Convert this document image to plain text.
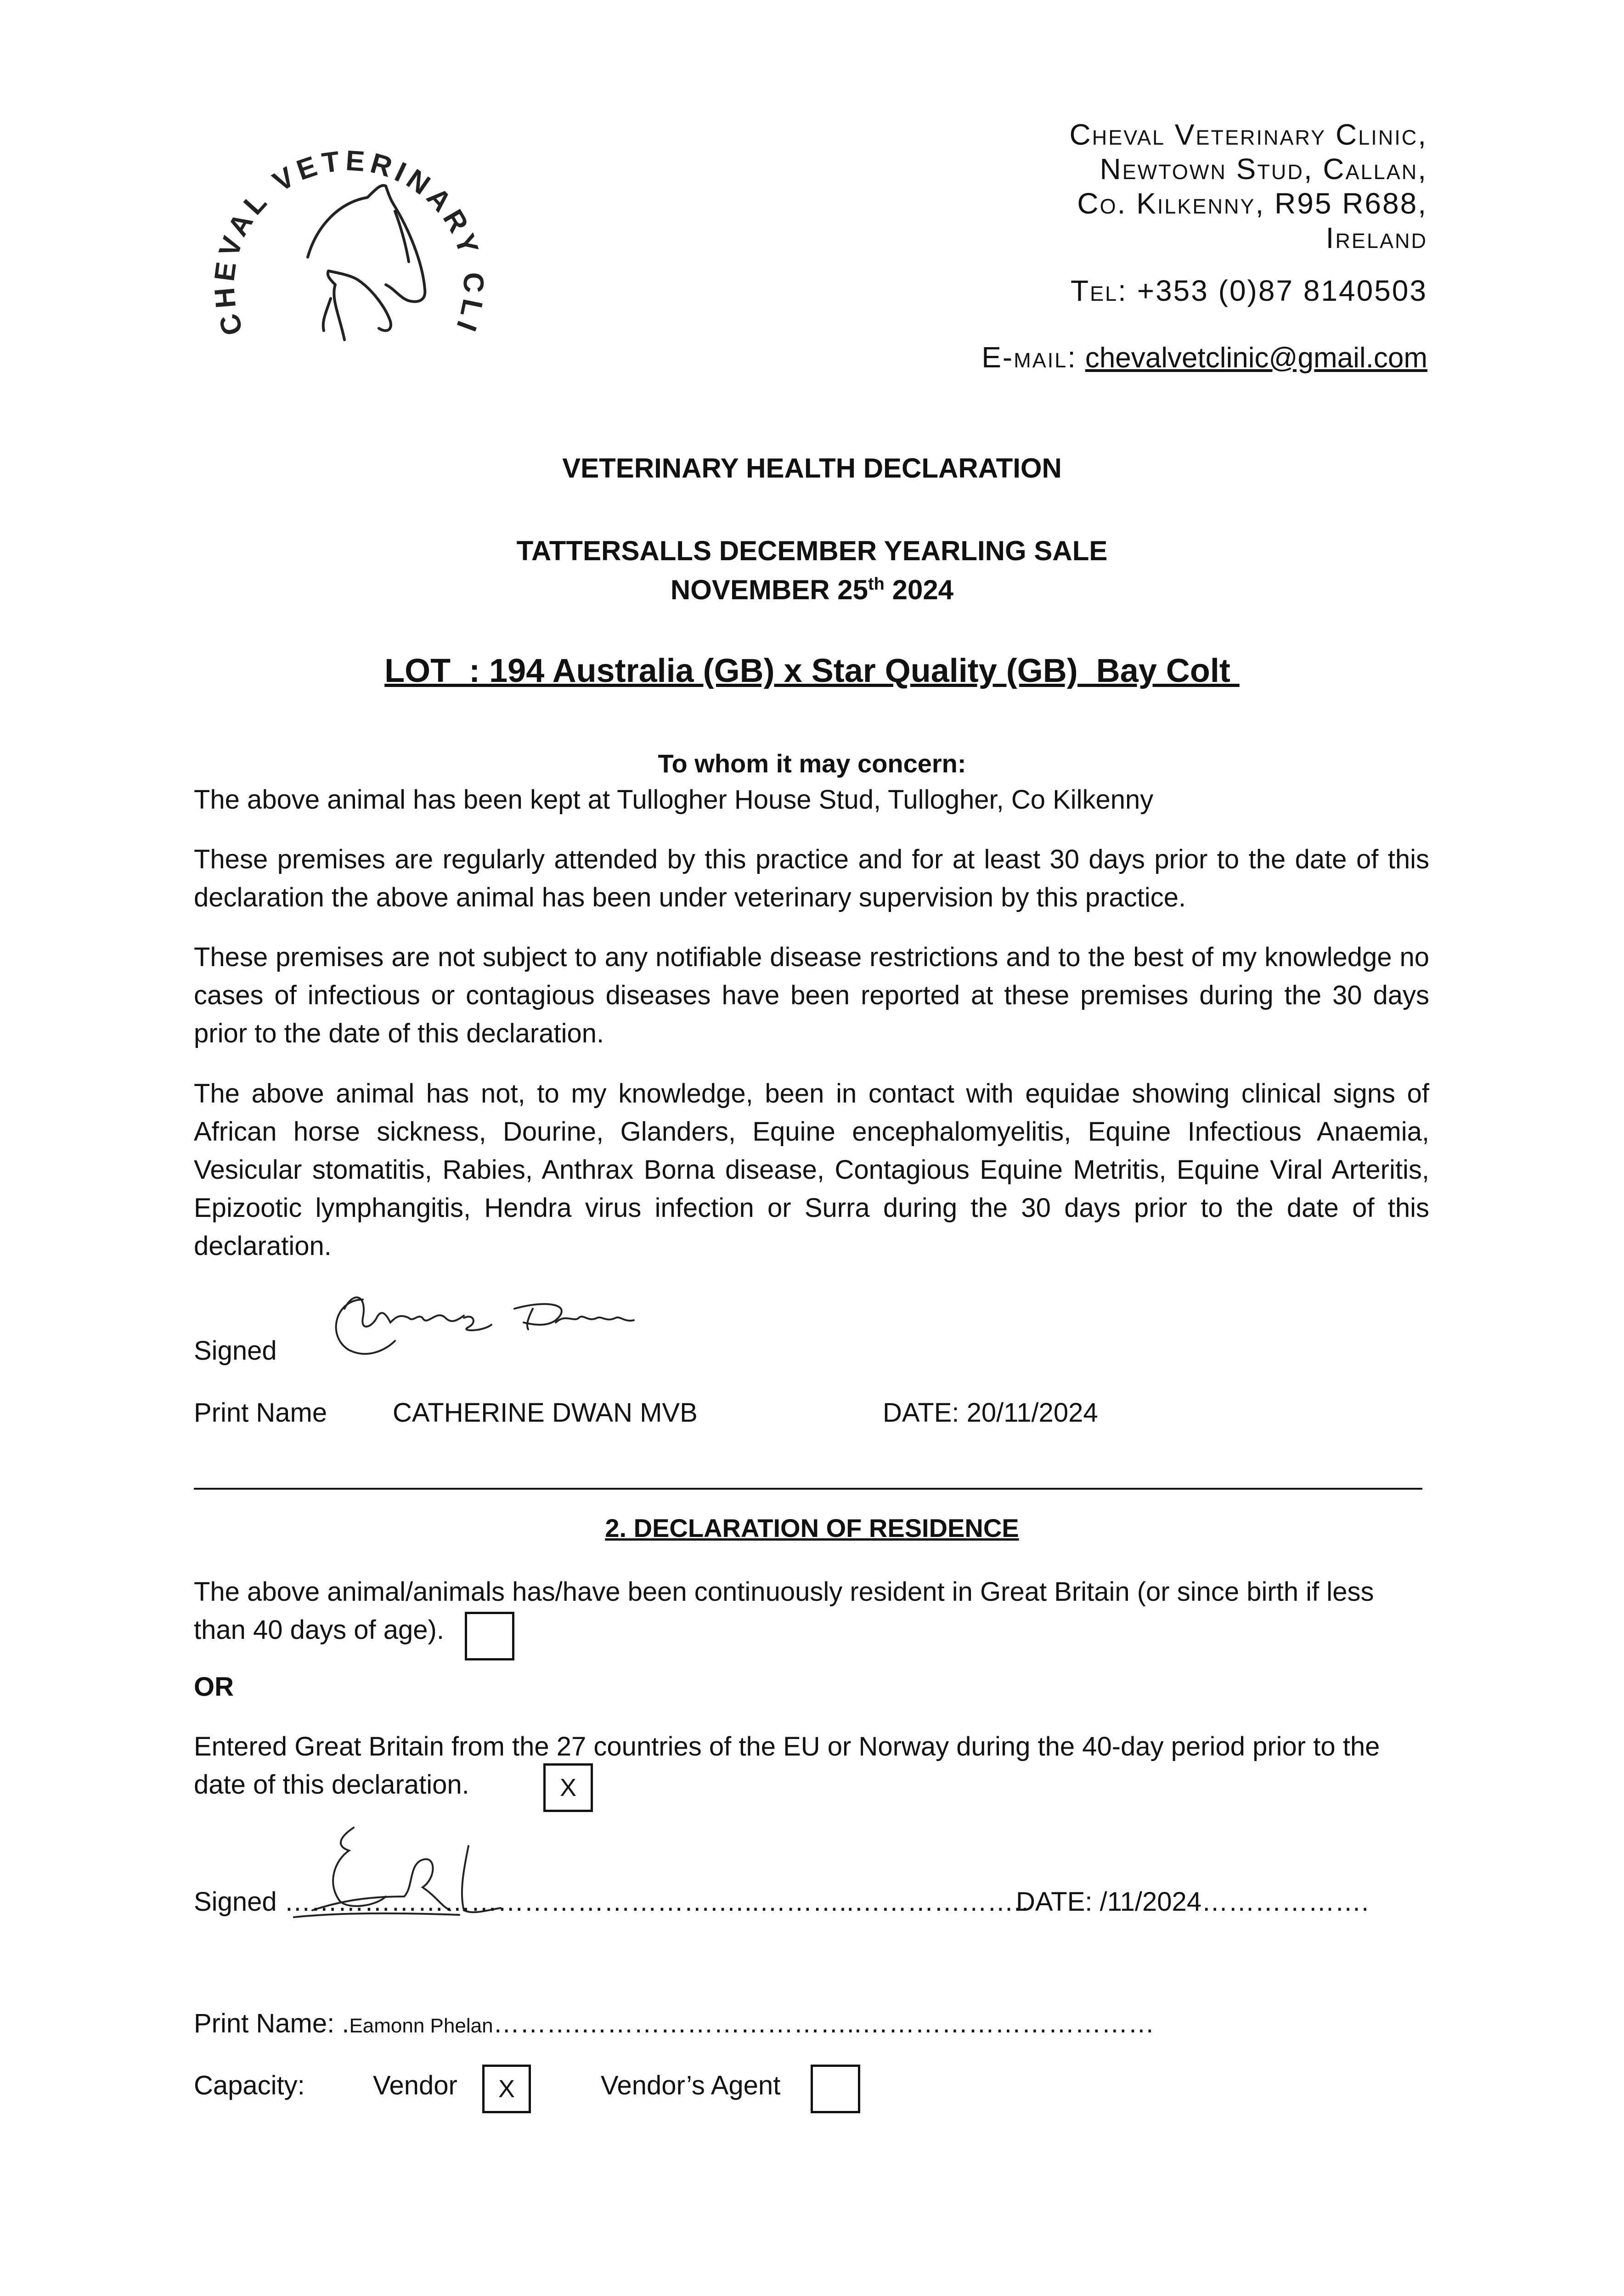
CHEVAL VETERINARY CLI
Cheval Veterinary Clinic,
Newtown Stud, Callan,
Co. Kilkenny, R95 R688,
Ireland
Tel: +353 (0)87 8140503
E-mail: chevalvetclinic@gmail.com
VETERINARY HEALTH DECLARATION
TATTERSALLS DECEMBER YEARLING SALE
NOVEMBER 25th 2024
LOT  : 194 Australia (GB) x Star Quality (GB)  Bay Colt
To whom it may concern:
The above animal has been kept at Tullogher House Stud, Tullogher, Co Kilkenny
These premises are regularly attended by this practice and for at least 30 days prior to the date of this declaration the above animal has been under veterinary supervision by this practice.
These premises are not subject to any notifiable disease restrictions and to the best of my knowledge no cases of infectious or contagious diseases have been reported at these premises during the 30 days prior to the date of this declaration.
The above animal has not, to my knowledge, been in contact with equidae showing clinical signs of African horse sickness, Dourine, Glanders, Equine encephalomyelitis, Equine Infectious Anaemia, Vesicular stomatitis, Rabies, Anthrax Borna disease, Contagious Equine Metritis, Equine Viral Arteritis, Epizootic lymphangitis, Hendra virus infection or Surra during the 30 days prior to the date of this declaration.
Signed
Print Name CATHERINE DWAN MVB	DATE: 20/11/2024
2. DECLARATION OF RESIDENCE
The above animal/animals has/have been continuously resident in Great Britain (or since birth if less than 40 days of age).
OR
Entered Great Britain from the 27 countries of the EU or Norway during the 40-day period prior to the date of this declaration.	X
Signed ………………………………………….…..………..………………..
DATE: /11/2024……………….
Print Name: .Eamonn Phelan……….…………………………..……………………………
Capacity:	Vendor	X	Vendor’s Agent
